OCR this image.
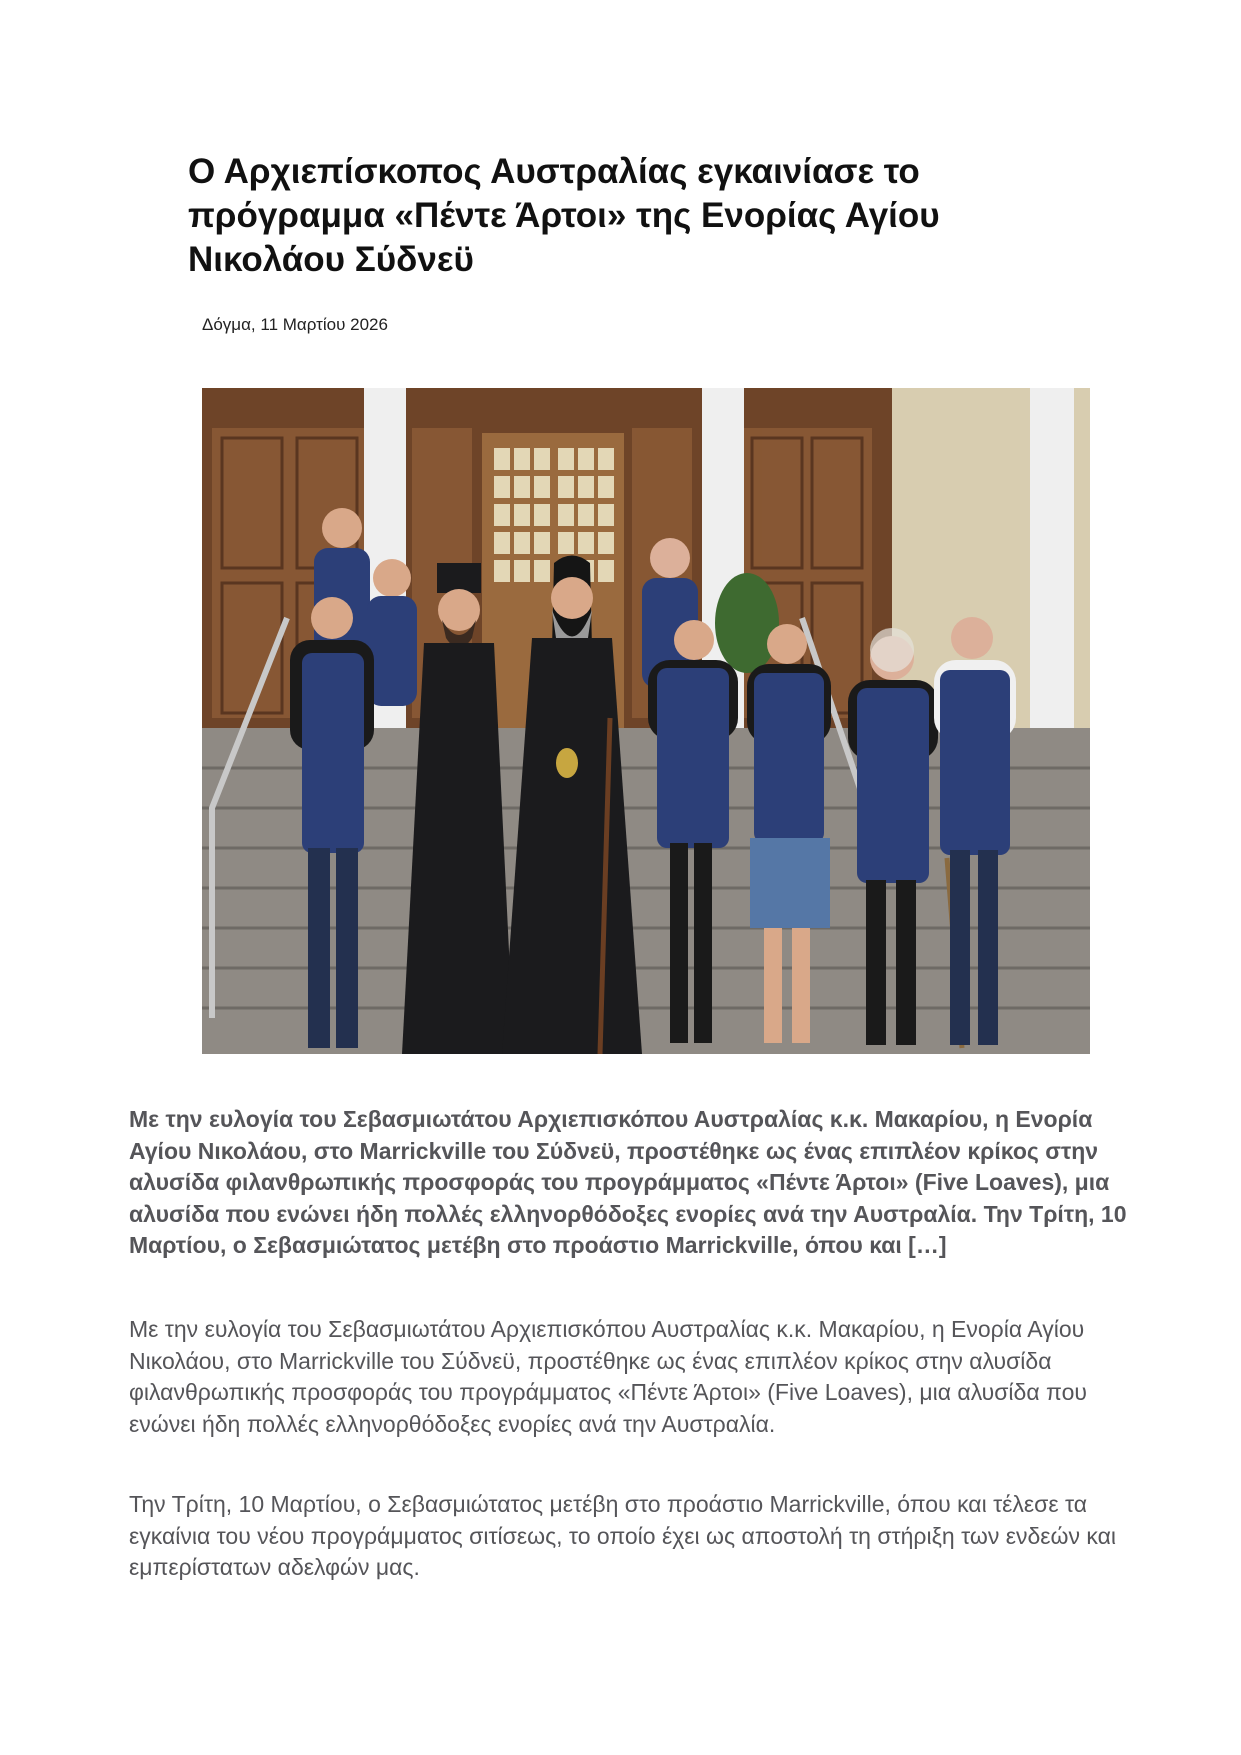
Ο Αρχιεπίσκοπος Αυστραλίας εγκαινίασε το πρόγραμμα «Πέντε Άρτοι» της Ενορίας Αγίου Νικολάου Σύδνεϋ
Δόγμα, 11 Μαρτίου 2026

Με την ευλογία του Σεβασμιωτάτου Αρχιεπισκόπου Αυστραλίας κ.κ. Μακαρίου, η Ενορία Αγίου Νικολάου, στο Marrickville του Σύδνεϋ, προστέθηκε ως ένας επιπλέον κρίκος στην αλυσίδα φιλανθρωπικής προσφοράς του προγράμματος «Πέντε Άρτοι» (Five Loaves), μια αλυσίδα που ενώνει ήδη πολλές ελληνορθόδοξες ενορίες ανά την Αυστραλία. Την Τρίτη, 10 Μαρτίου, ο Σεβασμιώτατος μετέβη στο προάστιο Marrickville, όπου και […]

Με την ευλογία του Σεβασμιωτάτου Αρχιεπισκόπου Αυστραλίας κ.κ. Μακαρίου, η Ενορία Αγίου Νικολάου, στο Marrickville του Σύδνεϋ, προστέθηκε ως ένας επιπλέον κρίκος στην αλυσίδα φιλανθρωπικής προσφοράς του προγράμματος «Πέντε Άρτοι» (Five Loaves), μια αλυσίδα που ενώνει ήδη πολλές ελληνορθόδοξες ενορίες ανά την Αυστραλία.

Την Τρίτη, 10 Μαρτίου, ο Σεβασμιώτατος μετέβη στο προάστιο Marrickville, όπου και τέλεσε τα εγκαίνια του νέου προγράμματος σιτίσεως, το οποίο έχει ως αποστολή τη στήριξη των ενδεών και εμπερίστατων αδελφών μας.
